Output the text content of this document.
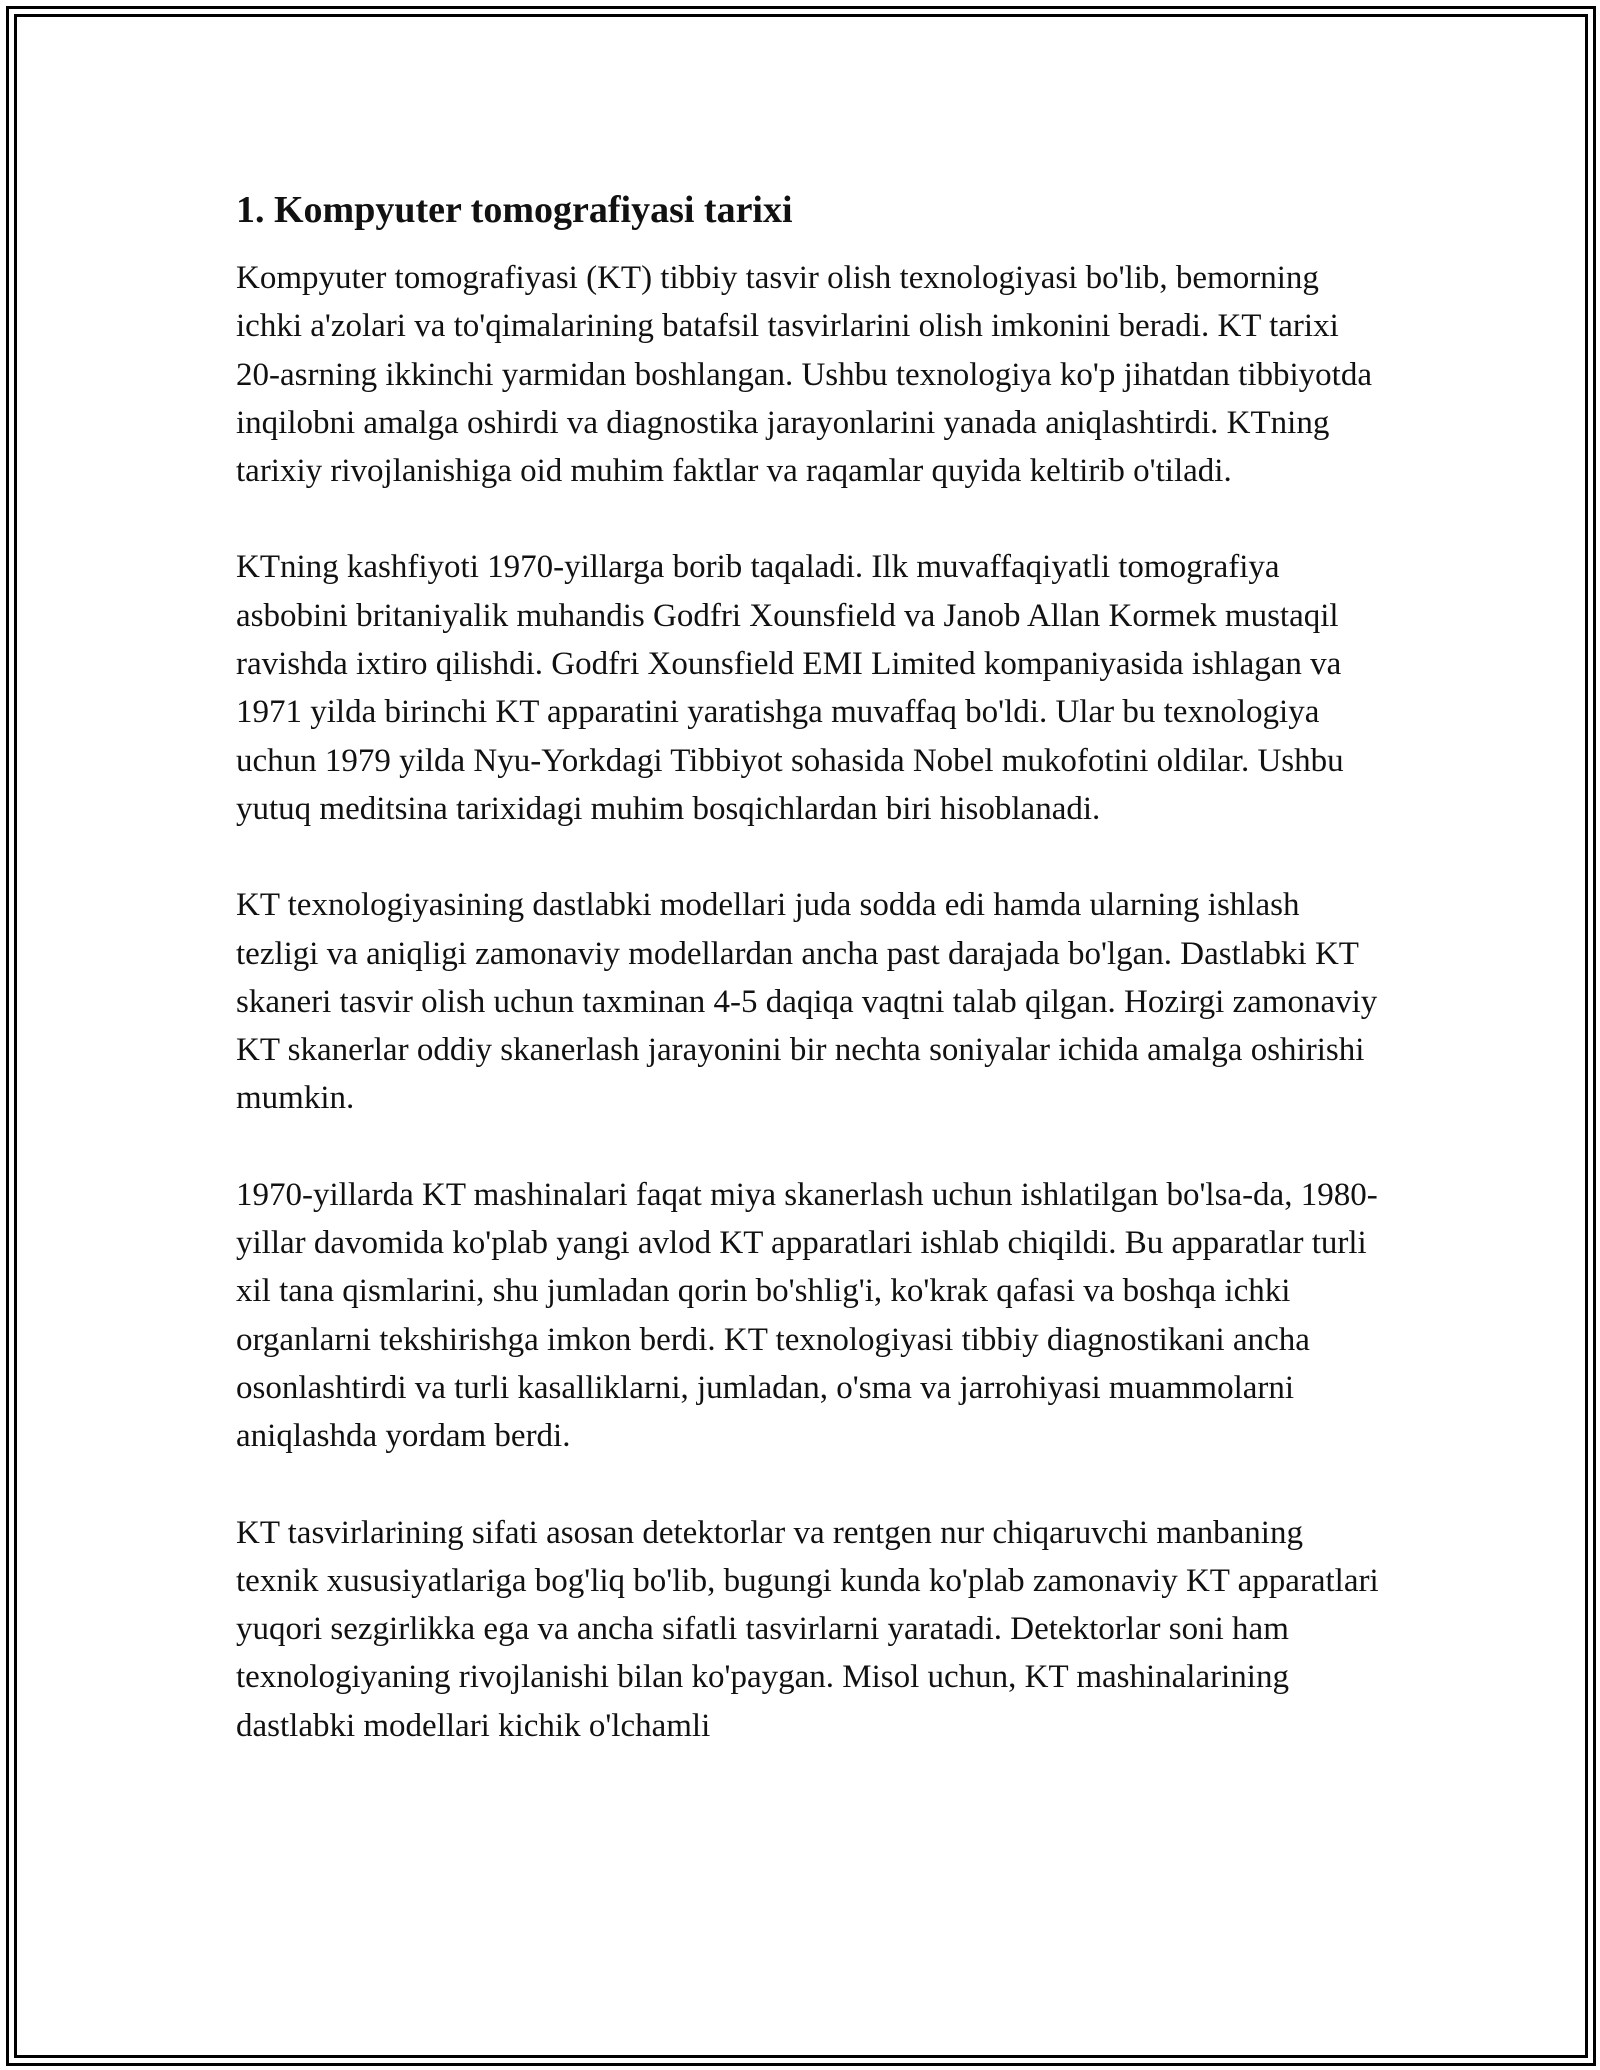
1. Kompyuter tomografiyasi tarixi

Kompyuter tomografiyasi (KT) tibbiy tasvir olish texnologiyasi bo'lib, bemorning ichki a'zolari va to'qimalarining batafsil tasvirlarini olish imkonini beradi. KT tarixi 20-asrning ikkinchi yarmidan boshlangan. Ushbu texnologiya ko'p jihatdan tibbiyotda inqilobni amalga oshirdi va diagnostika jarayonlarini yanada aniqlashtirdi. KTning tarixiy rivojlanishiga oid muhim faktlar va raqamlar quyida keltirib o'tiladi.

KTning kashfiyoti 1970-yillarga borib taqaladi. Ilk muvaffaqiyatli tomografiya asbobini britaniyalik muhandis Godfri Xounsfield va Janob Allan Kormek mustaqil ravishda ixtiro qilishdi. Godfri Xounsfield EMI Limited kompaniyasida ishlagan va 1971 yilda birinchi KT apparatini yaratishga muvaffaq bo'ldi. Ular bu texnologiya uchun 1979 yilda Nyu-Yorkdagi Tibbiyot sohasida Nobel mukofotini oldilar. Ushbu yutuq meditsina tarixidagi muhim bosqichlardan biri hisoblanadi.

KT texnologiyasining dastlabki modellari juda sodda edi hamda ularning ishlash tezligi va aniqligi zamonaviy modellardan ancha past darajada bo'lgan. Dastlabki KT skaneri tasvir olish uchun taxminan 4-5 daqiqa vaqtni talab qilgan. Hozirgi zamonaviy KT skanerlar oddiy skanerlash jarayonini bir nechta soniyalar ichida amalga oshirishi mumkin.

1970-yillarda KT mashinalari faqat miya skanerlash uchun ishlatilgan bo'lsa-da, 1980-yillar davomida ko'plab yangi avlod KT apparatlari ishlab chiqildi. Bu apparatlar turli xil tana qismlarini, shu jumladan qorin bo'shlig'i, ko'krak qafasi va boshqa ichki organlarni tekshirishga imkon berdi. KT texnologiyasi tibbiy diagnostikani ancha osonlashtirdi va turli kasalliklarni, jumladan, o'sma va jarrohiyasi muammolarni aniqlashda yordam berdi.

KT tasvirlarining sifati asosan detektorlar va rentgen nur chiqaruvchi manbaning texnik xususiyatlariga bog'liq bo'lib, bugungi kunda ko'plab zamonaviy KT apparatlari yuqori sezgirlikka ega va ancha sifatli tasvirlarni yaratadi. Detektorlar soni ham texnologiyaning rivojlanishi bilan ko'paygan. Misol uchun, KT mashinalarining dastlabki modellari kichik o'lchamli
